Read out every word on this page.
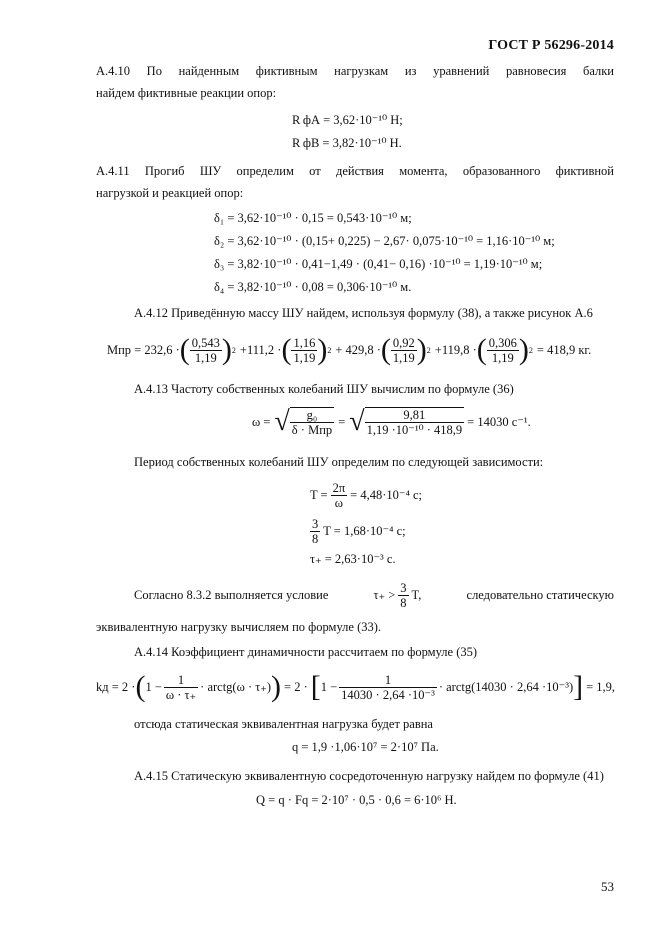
ГОСТ Р 56296-2014
А.4.10 По найденным фиктивным нагрузкам из уравнений равновесия балки
найдем фиктивные реакции опор:
R фА = 3,62·10⁻¹⁰ Н;
R фВ = 3,82·10⁻¹⁰ Н.
А.4.11 Прогиб ШУ определим от действия момента, образованного фиктивной
нагрузкой и реакцией опор:
δ₁ = 3,62·10⁻¹⁰ · 0,15 = 0,543·10⁻¹⁰ м;
δ₂ = 3,62·10⁻¹⁰ · (0,15+ 0,225) − 2,67· 0,075·10⁻¹⁰ = 1,16·10⁻¹⁰ м;
δ₃ = 3,82·10⁻¹⁰ · 0,41−1,49 · (0,41− 0,16) ·10⁻¹⁰ = 1,19·10⁻¹⁰ м;
δ₄ = 3,82·10⁻¹⁰ · 0,08 = 0,306·10⁻¹⁰ м.
А.4.12 Приведённую массу ШУ найдем, используя формулу (38), а также рисунок А.6
Mпр = 232,6 · ( $\frac{0,543}{1,19}$ ) 2 +111,2 · ( $\frac{1,16}{1,19}$ ) 2 + 429,8 · ( $\frac{0,92}{1,19}$ ) 2 +119,8 · ( $\frac{0,306}{1,19}$ ) 2 = 418,9 кг.
А.4.13 Частоту собственных колебаний ШУ вычислим по формуле (36)
ω = √ $\frac{\text{g₀}}{\text{δ · Mпр}}$ = √ $\frac{9,81}{\text{1,19 ·10⁻¹⁰ · 418,9}} = 14030$ с⁻¹.
Период собственных колебаний ШУ определим по следующей зависимости:
$T = \frac{2\pi}{\omega} = 4,48\cdot 10^{-4}$ с;
$\frac{3}{8}$ T = 1,68·10⁻⁴ с;
τ₊ = 2,63·10⁻³ с.
Согласно 8.3.2 выполняется условие	$\tau_+ > \frac{3}{8} T$,	следовательно статическую
эквивалентную нагрузку вычисляем по формуле (33).
А.4.14 Коэффициент динамичности рассчитаем по формуле (35)
kд = 2 · ( $1 - \frac{1}{\omega \cdot \tau_+}$ · arctg(ω · τ₊) ) = 2 · [ $1 - \frac{1}{\text{14030 · 2,64 ·10⁻³}}$ · arctg(14030 · 2,64 ·10⁻³) ] = 1,9,
отсюда статическая эквивалентная нагрузка будет равна
q = 1,9 ·1,06·10⁷ = 2·10⁷ Па.
А.4.15 Статическую эквивалентную сосредоточенную нагрузку найдем по формуле (41)
Q = q · Fq = 2·10⁷ · 0,5 · 0,6 = 6·10⁶ Н.
53
